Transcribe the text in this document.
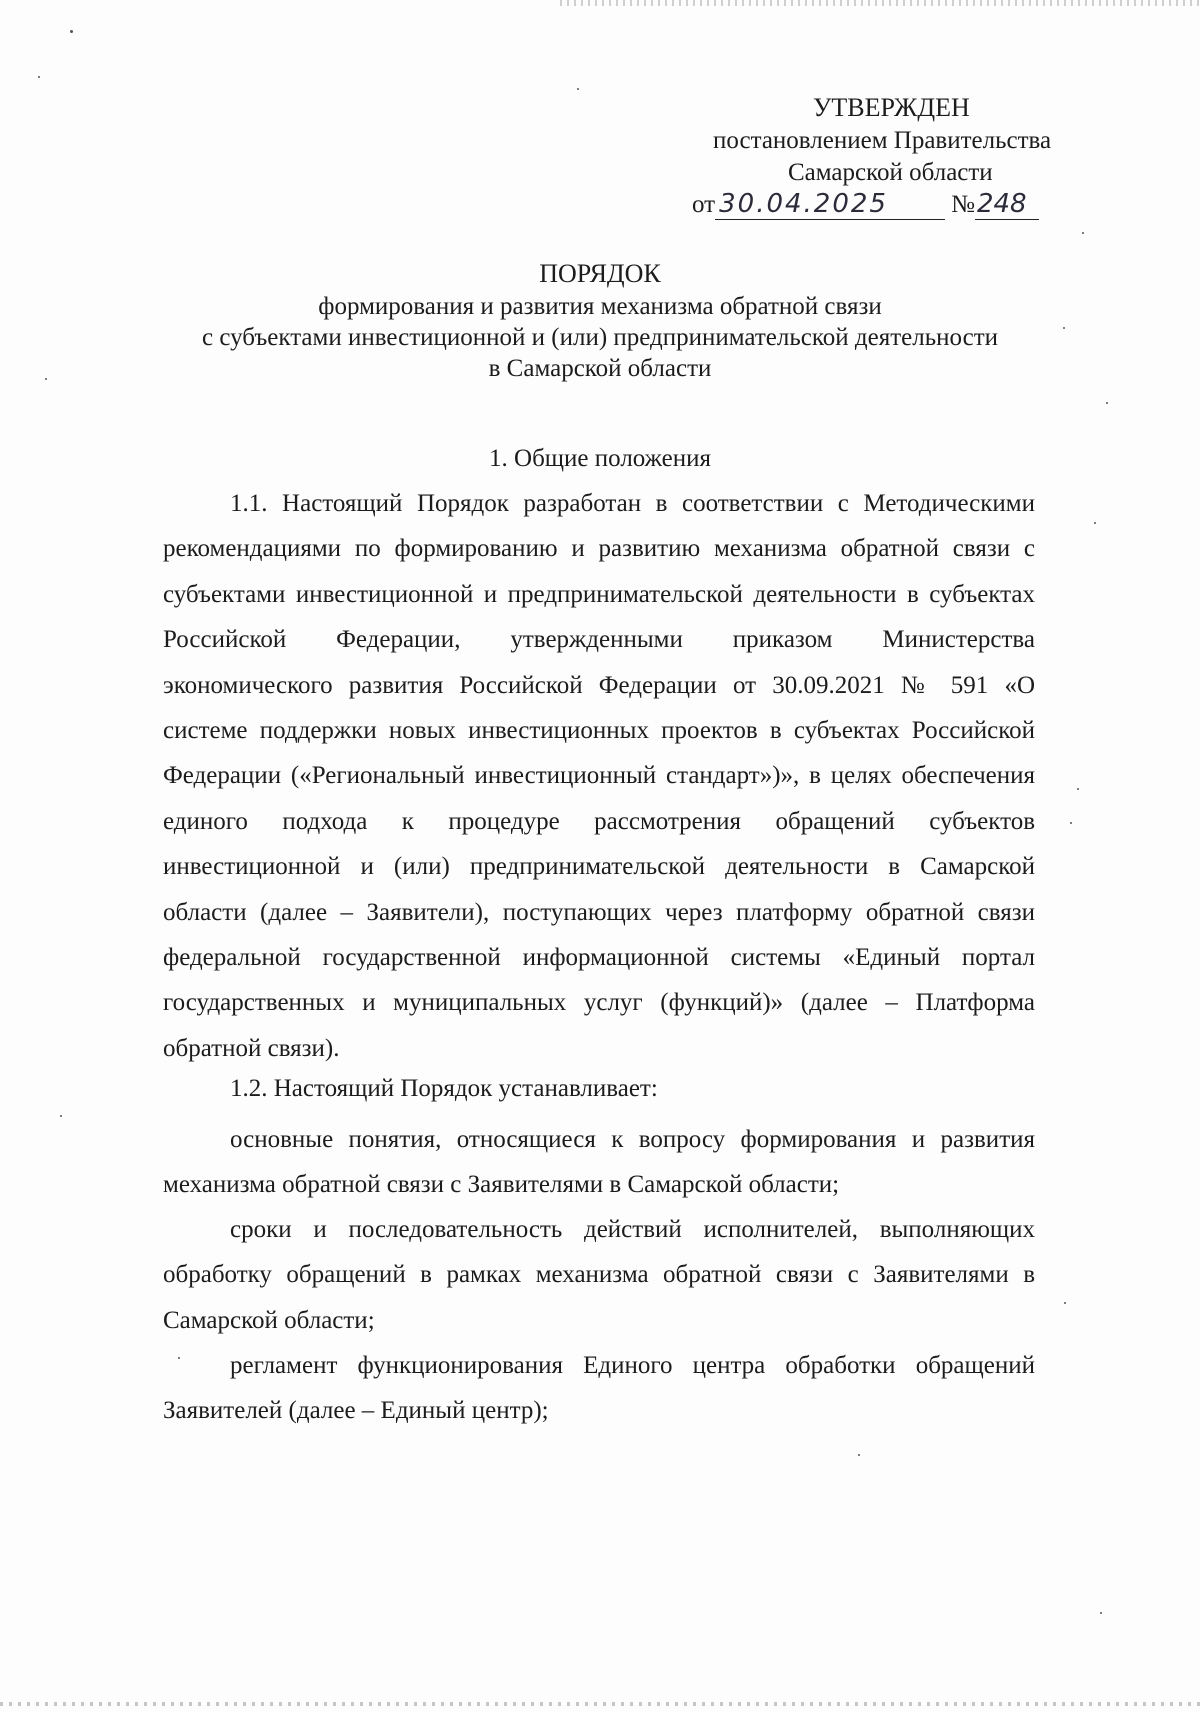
УТВЕРЖДЕН
постановлением Правительства
Самарской области
от 30.04.2025	№248
ПОРЯДОК
формирования и развития механизма обратной связи
с субъектами инвестиционной и (или) предпринимательской деятельности
в Самарской области
1. Общие положения

1.1. Настоящий Порядок разработан в соответствии с Методическими рекомендациями по формированию и развитию механизма обратной связи с субъектами инвестиционной и предпринимательской деятельности в субъектах Российской Федерации, утвержденными приказом Министерства экономического развития Российской Федерации от 30.09.2021 № 591 «О системе поддержки новых инвестиционных проектов в субъектах Российской Федерации («Региональный инвестиционный стандарт»)», в целях обеспечения единого подхода к процедуре рассмотрения обращений субъектов инвестиционной и (или) предпринимательской деятельности в Самарской области (далее – Заявители), поступающих через платформу обратной связи федеральной государственной информационной системы «Единый портал государственных и муниципальных услуг (функций)» (далее – Платформа обратной связи).

1.2. Настоящий Порядок устанавливает:

основные понятия, относящиеся к вопросу формирования и развития механизма обратной связи с Заявителями в Самарской области;

сроки и последовательность действий исполнителей, выполняющих обработку обращений в рамках механизма обратной связи с Заявителями в Самарской области;

регламент функционирования Единого центра обработки обращений Заявителей (далее – Единый центр);
